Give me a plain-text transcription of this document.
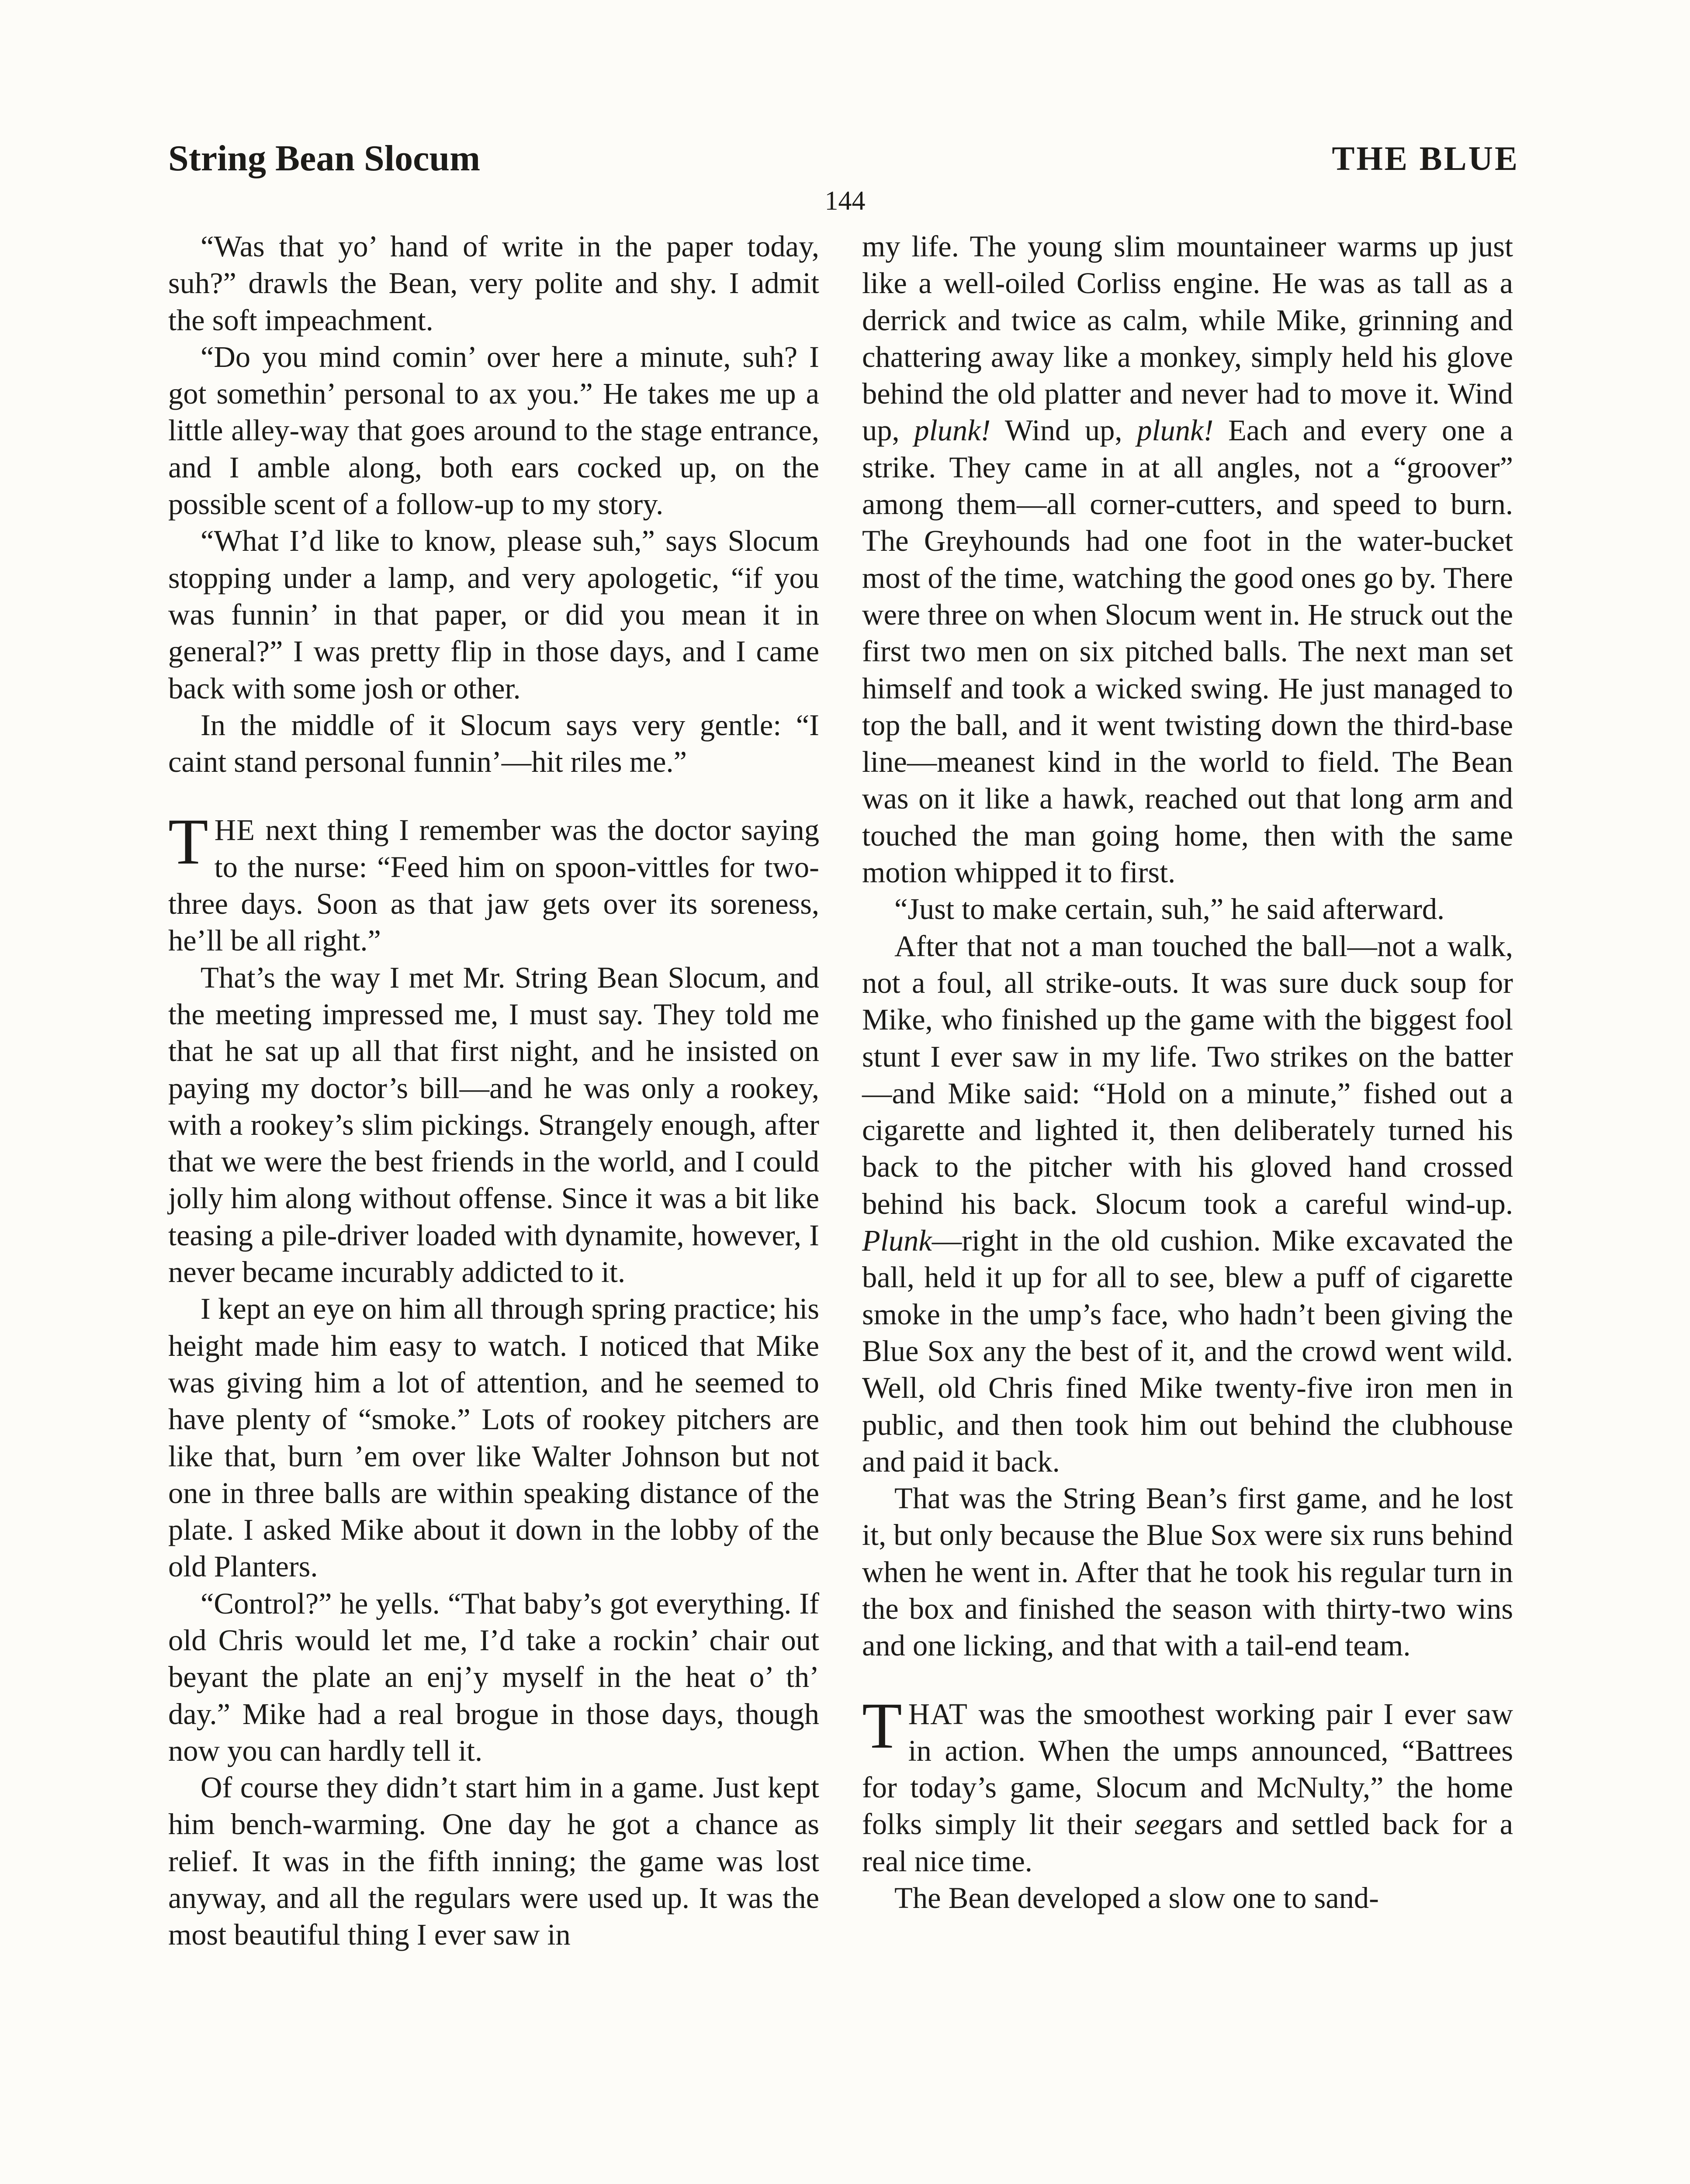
String Bean Slocum	THE BLUE
144

“Was that yo’ hand of write in the paper today, suh?” drawls the Bean, very polite and shy. I admit the soft impeachment.

“Do you mind comin’ over here a minute, suh? I got somethin’ personal to ax you.” He takes me up a little alley-way that goes around to the stage entrance, and I amble along, both ears cocked up, on the possible scent of a follow-up to my story.

“What I’d like to know, please suh,” says Slocum stopping under a lamp, and very apologetic, “if you was funnin’ in that paper, or did you mean it in general?” I was pretty flip in those days, and I came back with some josh or other.

In the middle of it Slocum says very gentle: “I caint stand personal funnin’—hit riles me.”

THE next thing I remember was the doctor saying to the nurse: “Feed him on spoon-vittles for two-three days. Soon as that jaw gets over its soreness, he’ll be all right.”

That’s the way I met Mr. String Bean Slocum, and the meeting impressed me, I must say. They told me that he sat up all that first night, and he insisted on paying my doctor’s bill—and he was only a rookey, with a rookey’s slim pickings. Strangely enough, after that we were the best friends in the world, and I could jolly him along without offense. Since it was a bit like teasing a pile-driver loaded with dynamite, however, I never became incurably addicted to it.

I kept an eye on him all through spring practice; his height made him easy to watch. I noticed that Mike was giving him a lot of attention, and he seemed to have plenty of “smoke.” Lots of rookey pitchers are like that, burn ’em over like Walter Johnson but not one in three balls are within speaking distance of the plate. I asked Mike about it down in the lobby of the old Planters.

“Control?” he yells. “That baby’s got everything. If old Chris would let me, I’d take a rockin’ chair out beyant the plate an enj’y myself in the heat o’ th’ day.” Mike had a real brogue in those days, though now you can hardly tell it.

Of course they didn’t start him in a game. Just kept him bench-warming. One day he got a chance as relief. It was in the fifth inning; the game was lost anyway, and all the regulars were used up. It was the most beautiful thing I ever saw in

my life. The young slim mountaineer warms up just like a well-oiled Corliss engine. He was as tall as a derrick and twice as calm, while Mike, grinning and chattering away like a monkey, simply held his glove behind the old platter and never had to move it. Wind up, plunk! Wind up, plunk! Each and every one a strike. They came in at all angles, not a “groover” among them—all corner-cutters, and speed to burn. The Greyhounds had one foot in the water-bucket most of the time, watching the good ones go by. There were three on when Slocum went in. He struck out the first two men on six pitched balls. The next man set himself and took a wicked swing. He just managed to top the ball, and it went twisting down the third-base line—meanest kind in the world to field. The Bean was on it like a hawk, reached out that long arm and touched the man going home, then with the same motion whipped it to first.

“Just to make certain, suh,” he said afterward.

After that not a man touched the ball—not a walk, not a foul, all strike-outs. It was sure duck soup for Mike, who finished up the game with the biggest fool stunt I ever saw in my life. Two strikes on the batter—and Mike said: “Hold on a minute,” fished out a cigarette and lighted it, then deliberately turned his back to the pitcher with his gloved hand crossed behind his back. Slocum took a careful wind-up. Plunk—right in the old cushion. Mike excavated the ball, held it up for all to see, blew a puff of cigarette smoke in the ump’s face, who hadn’t been giving the Blue Sox any the best of it, and the crowd went wild. Well, old Chris fined Mike twenty-five iron men in public, and then took him out behind the clubhouse and paid it back.

That was the String Bean’s first game, and he lost it, but only because the Blue Sox were six runs behind when he went in. After that he took his regular turn in the box and finished the season with thirty-two wins and one licking, and that with a tail-end team.

THAT was the smoothest working pair I ever saw in action. When the umps announced, “Battrees for today’s game, Slocum and McNulty,” the home folks simply lit their seegars and settled back for a real nice time.

The Bean developed a slow one to sand-
